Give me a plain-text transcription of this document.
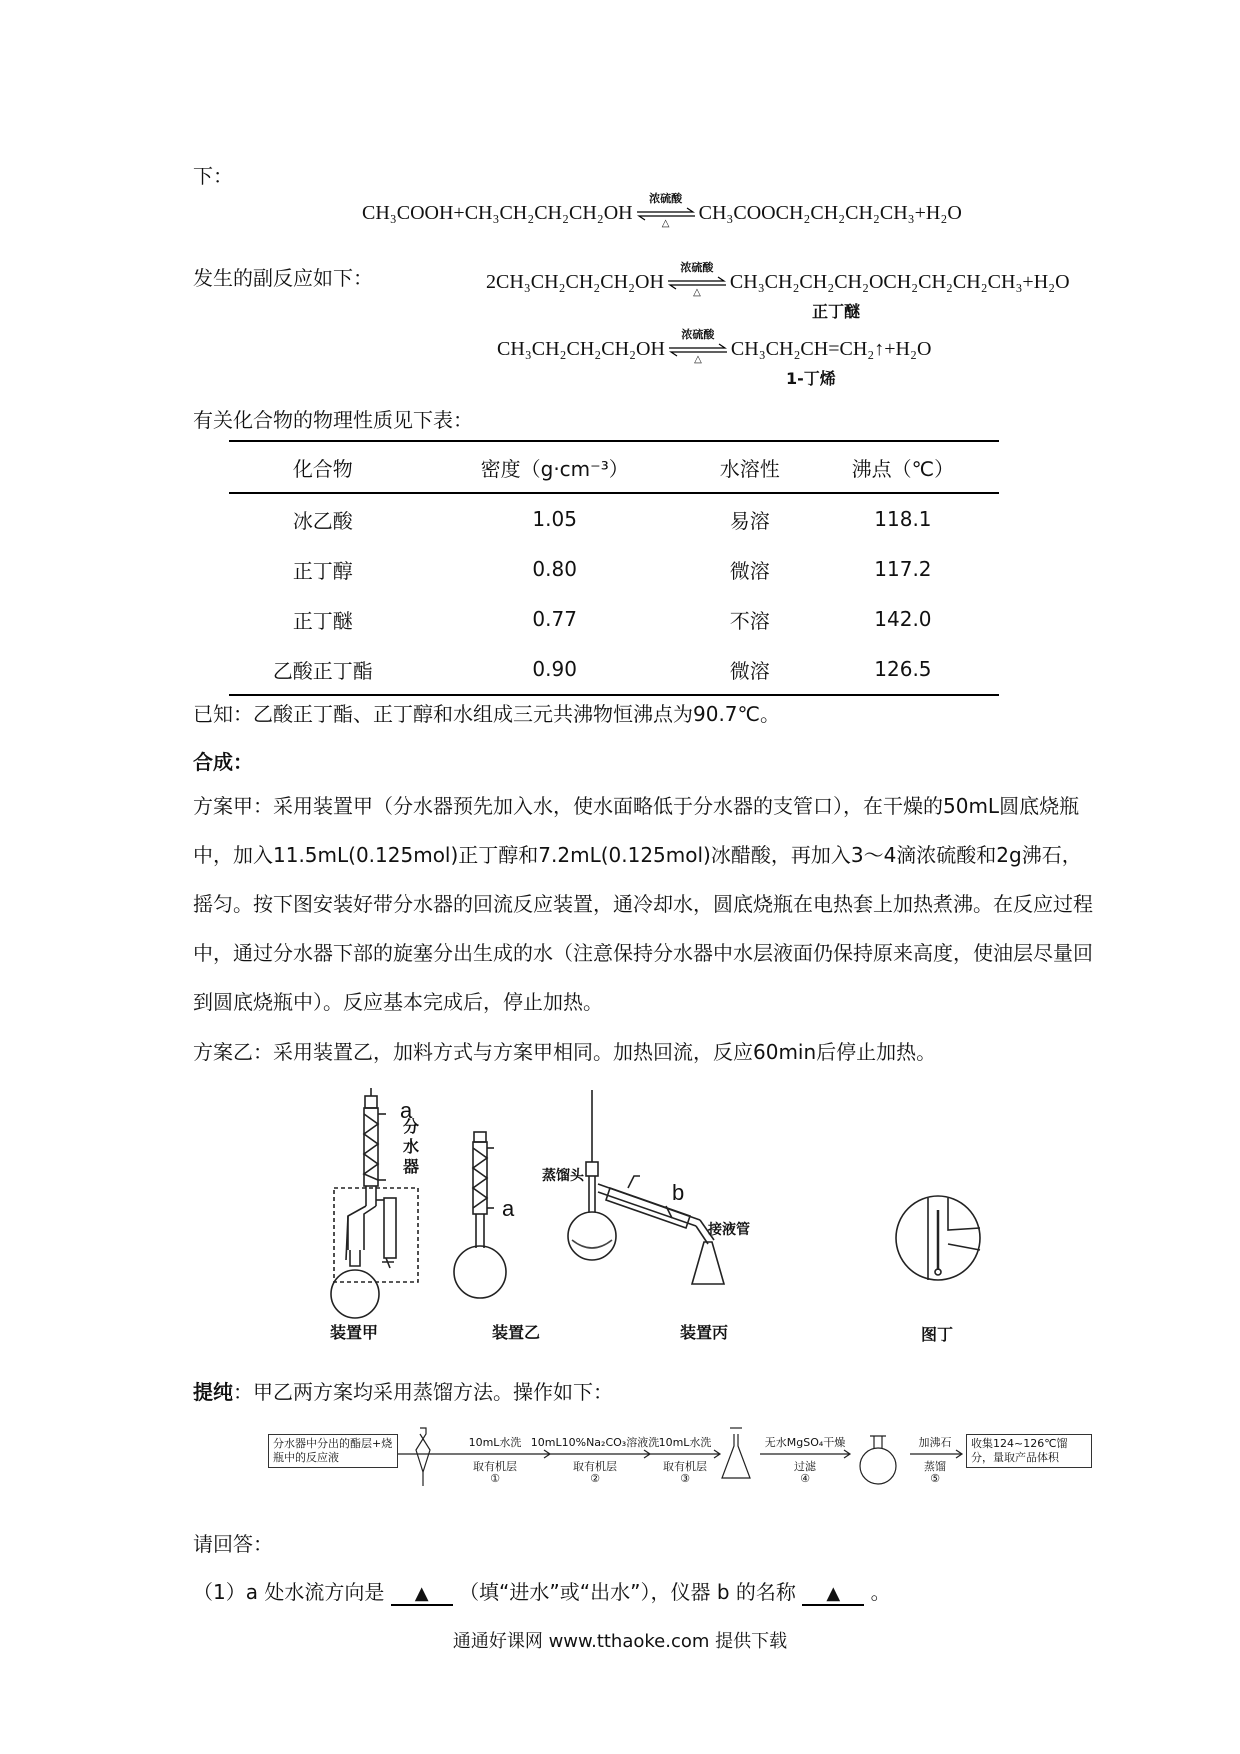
下：
CH₃COOH+CH₃CH₂CH₂CH₂OH
浓硫酸
△	CH₃COOCH₂CH₂CH₂CH₃+H₂O
发生的副反应如下：	2CH₃CH₂CH₂CH₂OH
浓硫酸
△	CH₃CH₂CH₂CH₂OCH₂CH₂CH₂CH₃+H₂O
正丁醚
CH₃CH₂CH₂CH₂OH
浓硫酸
△	CH₃CH₂CH=CH₂↑+H₂O
1-丁烯
有关化合物的物理性质见下表：
化合物	密度（g·cm⁻³）	水溶性	沸点（℃）
冰乙酸	1.05	易溶	118.1
正丁醇	0.80	微溶	117.2
正丁醚	0.77	不溶	142.0
乙酸正丁酯	0.90	微溶	126.5
已知：乙酸正丁酯、正丁醇和水组成三元共沸物恒沸点为90.7℃。
合成：
方案甲：采用装置甲（分水器预先加入水，使水面略低于分水器的支管口），在干燥的50mL圆底烧瓶中，加入11.5mL(0.125mol)正丁醇和7.2mL(0.125mol)冰醋酸，再加入3～4滴浓硫酸和2g沸石，摇匀。按下图安装好带分水器的回流反应装置，通冷却水，圆底烧瓶在电热套上加热煮沸。在反应过程中，通过分水器下部的旋塞分出生成的水（注意保持分水器中水层液面仍保持原来高度，使油层尽量回到圆底烧瓶中）。反应基本完成后，停止加热。
方案乙：采用装置乙，加料方式与方案甲相同。加热回流，反应60min后停止加热。
a
a
b
蒸馏头
接液管
分水器
装置甲	装置乙	装置丙	图丁
提纯：甲乙两方案均采用蒸馏方法。操作如下：
分水器中分出的酯层+烧瓶中的反应液
10mL水洗
取有机层
①
10mL10%Na₂CO₃溶液洗
取有机层
②
10mL水洗
取有机层
③
无水MgSO₄干燥
过滤
④
加沸石
蒸馏
⑤
收集124~126℃馏分，量取产品体积
请回答：
（1）a 处水流方向是 ▲ （填“进水”或“出水”），仪器 b 的名称 ▲ 。
通通好课网 www.tthaoke.com 提供下载
